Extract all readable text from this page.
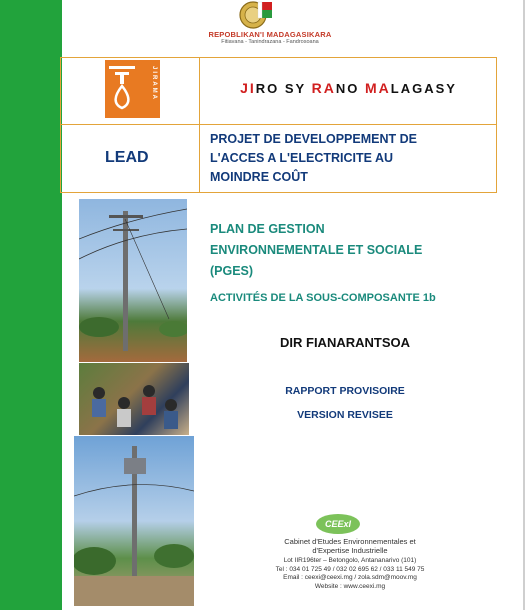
REPOBLIKAN'I MADAGASIKARA
Fitiavana - Tanindrazana - Fandrosoana
JIRAMA	JIRO SY RANO MALAGASY
LEAD
PROJET DE DEVELOPPEMENT DE
L'ACCES A L'ELECTRICITE AU
MOINDRE COÛT
PLAN DE GESTION
ENVIRONNEMENTALE ET SOCIALE
(PGES)
ACTIVITÉS DE LA SOUS-COMPOSANTE 1b
DIR FIANARANTSOA
RAPPORT PROVISOIRE
VERSION REVISEE
CEExI
Cabinet d'Etudes Environnementales et
d'Expertise Industrielle
Lot IIR196ter – Betongolo, Antananarivo (101)
Tel : 034 01 725 49 / 032 02 695 62 / 033 11 549 75
Email : ceexi@ceexi.mg / zola.sdm@moov.mg
Website : www.ceexi.mg
